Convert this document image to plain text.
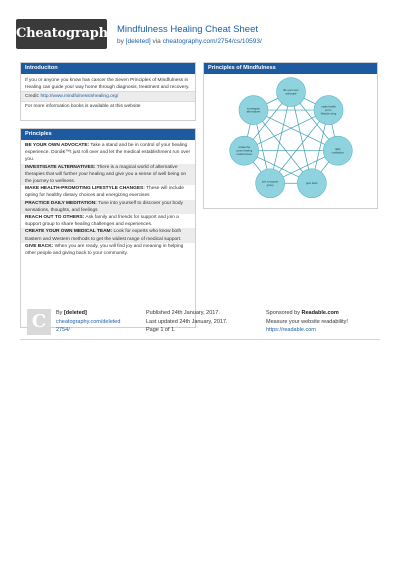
Cheatography Mindfulness Healing Cheat Sheet
by [deleted] via cheatography.com/2754/cs/10593/
Introduciton
If you or anyone you know has cancer the Seven Principles of Mindfulness in Healing can guide your way home through diagnosis, treatment and recovery.
Credit: http://www.mindfulnessinhealing.org/
For more information books is available at this website
Principles
BE YOUR OWN ADVOCATE: Take a stand and be in control of your healing experience. Donâ€™t just roll over and let the medical establishment run over you.
INVESTIGATE ALTERNATIVES: There is a magical world of alternative therapies that will further your healing and give you a sense of well being on the journey to wellness.
MAKE HEALTH-PROMOTING LIFESTYLE CHANGES: These will include opting for healthy dietary choices and energizing exercises
PRACTICE DAILY MEDITATION: Tune into yourself to discover your body sensations, thoughts, and feelings
REACH OUT TO OTHERS: Ask family and friends for support and join a support group to share healing challenges and experiences.
CREATE YOUR OWN MEDICAL TEAM: Look for experts who know both Eastern and Western methods to get the widest range of medical support.
GIVE BACK: When you are ready, you will find joy and meaning in helping other people and giving back to your community.
Principles of Mindfulness
Be your own advocate
make health prom. lifestyle chng
daily meditation
give back
join a support group
create the cross-healing medical team
investigate alternatives
C	By [deleted]
cheatography.com/deleted
2754/
Published 24th January, 2017.
Last updated 24th January, 2017.
Page 1 of 1.
Sponsored by Readable.com
Measure your website readability!
https://readable.com
